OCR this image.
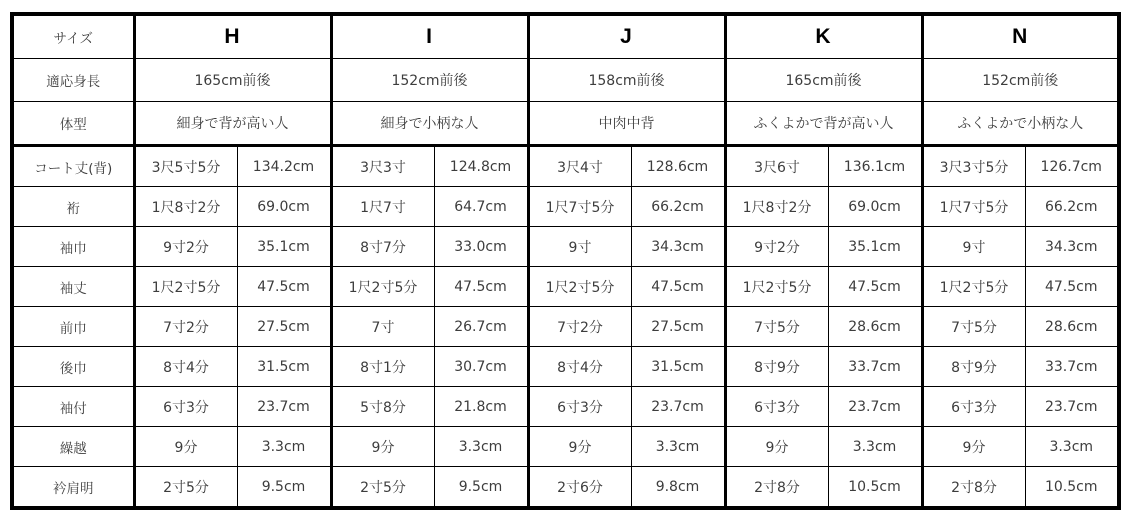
サイズ	H		I		J		K		N	
適応身長	165cm前後		152cm前後		158cm前後		165cm前後		152cm前後	
体型	細身で背が高い人		細身で小柄な人		中肉中背		ふくよかで背が高い人		ふくよかで小柄な人	
コート丈(背)	3尺5寸5分	134.2cm	3尺3寸	124.8cm	3尺4寸	128.6cm	3尺6寸	136.1cm	3尺3寸5分	126.7cm
裄	1尺8寸2分	69.0cm	1尺7寸	64.7cm	1尺7寸5分	66.2cm	1尺8寸2分	69.0cm	1尺7寸5分	66.2cm
袖巾	9寸2分	35.1cm	8寸7分	33.0cm	9寸	34.3cm	9寸2分	35.1cm	9寸	34.3cm
袖丈	1尺2寸5分	47.5cm	1尺2寸5分	47.5cm	1尺2寸5分	47.5cm	1尺2寸5分	47.5cm	1尺2寸5分	47.5cm
前巾	7寸2分	27.5cm	7寸	26.7cm	7寸2分	27.5cm	7寸5分	28.6cm	7寸5分	28.6cm
後巾	8寸4分	31.5cm	8寸1分	30.7cm	8寸4分	31.5cm	8寸9分	33.7cm	8寸9分	33.7cm
袖付	6寸3分	23.7cm	5寸8分	21.8cm	6寸3分	23.7cm	6寸3分	23.7cm	6寸3分	23.7cm
繰越	9分	3.3cm	9分	3.3cm	9分	3.3cm	9分	3.3cm	9分	3.3cm
衿肩明	2寸5分	9.5cm	2寸5分	9.5cm	2寸6分	9.8cm	2寸8分	10.5cm	2寸8分	10.5cm
